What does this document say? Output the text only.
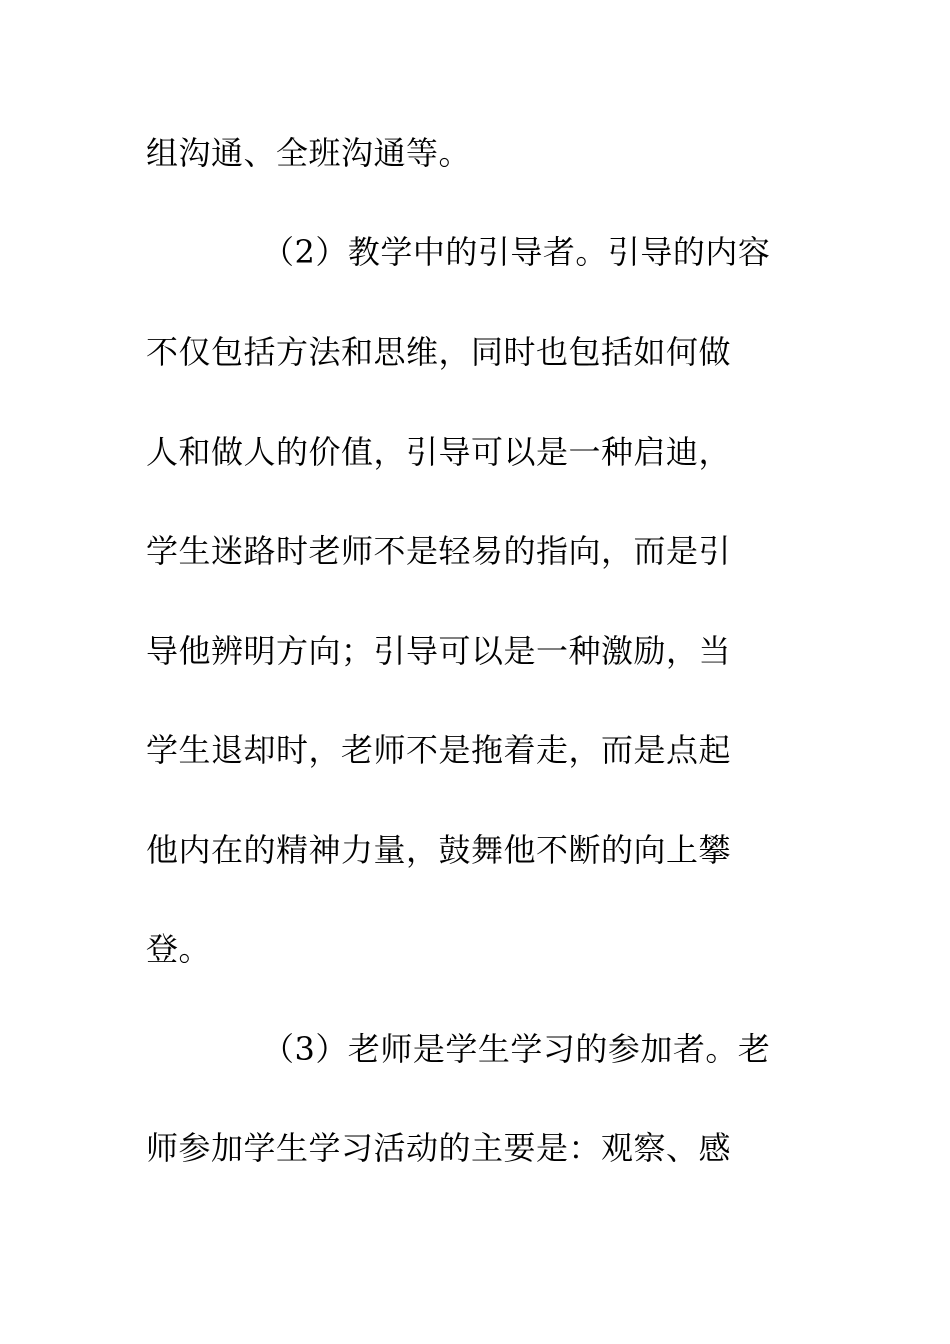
组沟通、全班沟通等。
（2）教学中的引导者。引导的内容
不仅包括方法和思维，同时也包括如何做
人和做人的价值，引导可以是一种启迪，
学生迷路时老师不是轻易的指向，而是引
导他辨明方向；引导可以是一种激励，当
学生退却时，老师不是拖着走，而是点起
他内在的精神力量，鼓舞他不断的向上攀
登。
（3）老师是学生学习的参加者。老
师参加学生学习活动的主要是：观察、感
